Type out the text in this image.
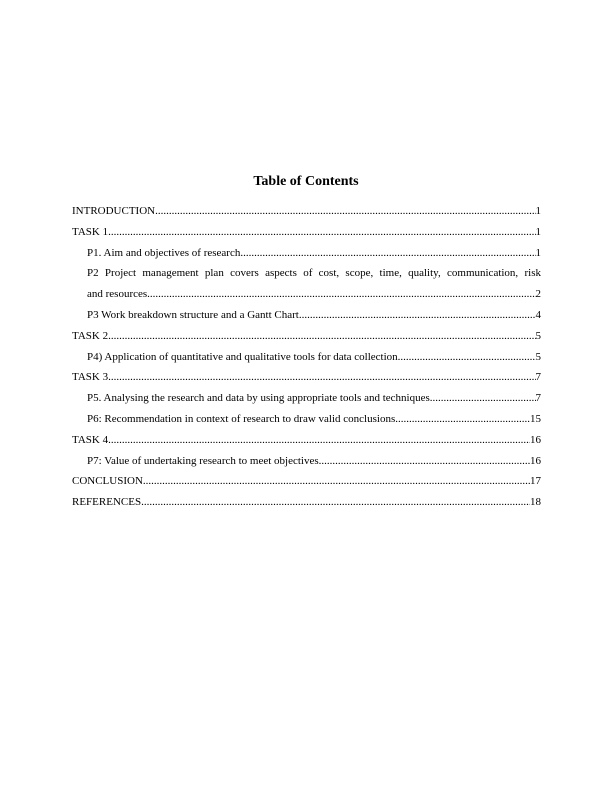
Table of Contents
INTRODUCTION .....	1
TASK 1 .....	1
P1. Aim and objectives of research .....	1
P2 Project management plan covers aspects of cost, scope, time, quality, communication, risk
and resources .....	2
P3 Work breakdown structure and a Gantt Chart .....	4
TASK 2 .....	5
P4) Application of quantitative and qualitative tools for data collection .....	5
TASK 3 .....	7
P5. Analysing the research and data by using appropriate tools and techniques .....	7
P6: Recommendation in context of research to draw valid conclusions .....	15
TASK 4 .....	16
P7: Value of undertaking research to meet objectives .....	16
CONCLUSION .....	17
REFERENCES .....	18
